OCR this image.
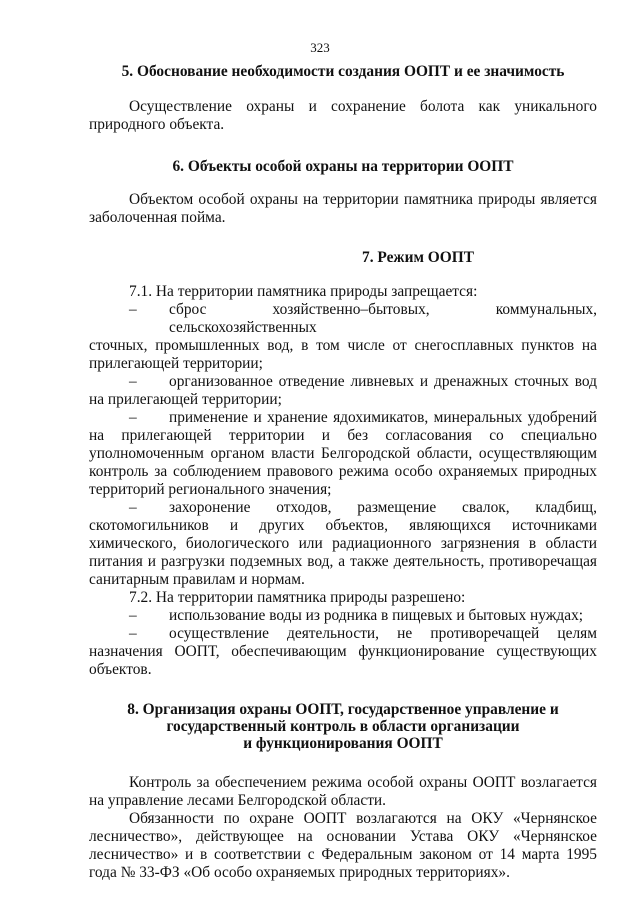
323
5. Обоснование необходимости создания ООПТ и ее значимость

Осуществление охраны и сохранение болота как уникального природного объекта.

6. Объекты особой охраны на территории ООПТ

Объектом особой охраны на территории памятника природы является заболоченная пойма.

7. Режим ООПТ

7.1. На территории памятника природы запрещается:

–	сброс хозяйственно–бытовых, коммунальных, сельскохозяйственных

сточных, промышленных вод, в том числе от снегосплавных пунктов на прилегающей территории;

–	организованное отведение ливневых и дренажных сточных вод

на прилегающей территории;

–	применение и хранение ядохимикатов, минеральных удобрений

на прилегающей территории и без согласования со специально уполномоченным органом власти Белгородской области, осуществляющим контроль за соблюдением правового режима особо охраняемых природных территорий регионального значения;

–	захоронение отходов, размещение свалок, кладбищ,

скотомогильников и других объектов, являющихся источниками химического, биологического или радиационного загрязнения в области питания и разгрузки подземных вод, а также деятельность, противоречащая санитарным правилам и нормам.

7.2. На территории памятника природы разрешено:

–	использование воды из родника в пищевых и бытовых нуждах;
–	осуществление деятельности, не противоречащей целям

назначения ООПТ, обеспечивающим функционирование существующих объектов.

8. Организация охраны ООПТ, государственное управление и
государственный контроль в области организации
и функционирования ООПТ

Контроль за обеспечением режима особой охраны ООПТ возлагается на управление лесами Белгородской области.

Обязанности по охране ООПТ возлагаются на ОКУ «Чернянское лесничество», действующее на основании Устава ОКУ «Чернянское лесничество» и в соответствии с Федеральным законом от 14 марта 1995 года № 33-ФЗ «Об особо охраняемых природных территориях».
